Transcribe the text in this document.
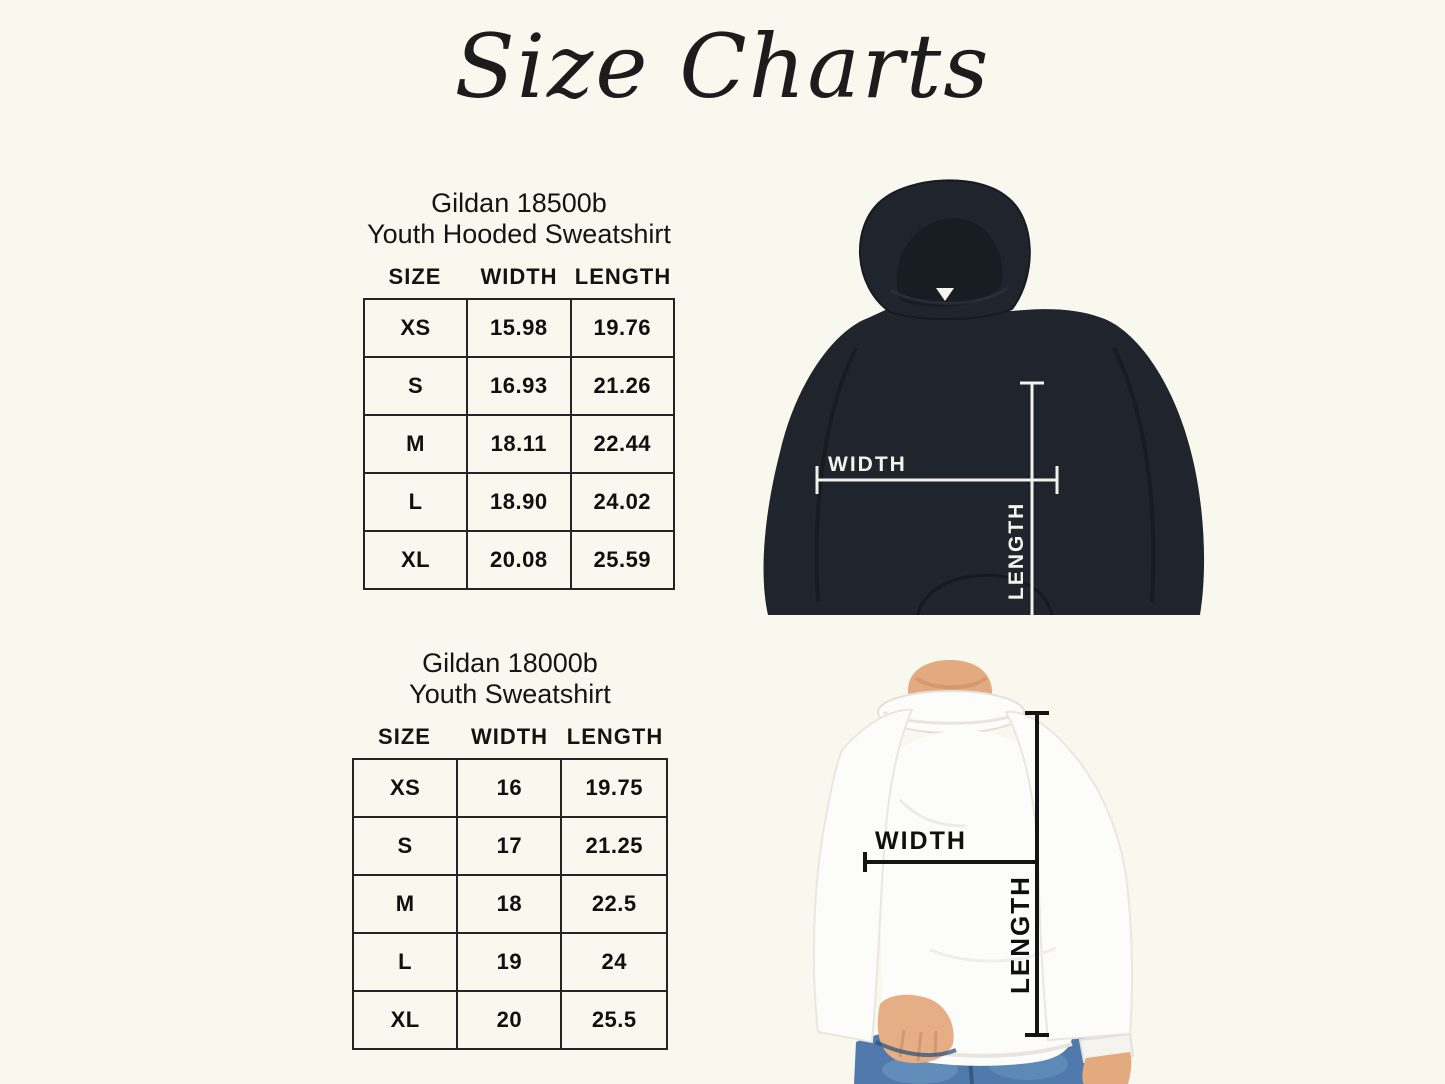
Size Charts
Gildan 18500b
Youth Hooded Sweatshirt
SIZE	WIDTH LENGTH
XS	15.98	19.76
S	16.93	21.26
M	18.11	22.44
L	18.90	24.02
XL	20.08	25.59
Gildan 18000b
Youth Sweatshirt
SIZE	WIDTH LENGTH
XS	16	19.75
S	17	21.25
M	18	22.5
L	19	24
XL	20	25.5
WIDTH
LENGTH
WIDTH
LENGTH
